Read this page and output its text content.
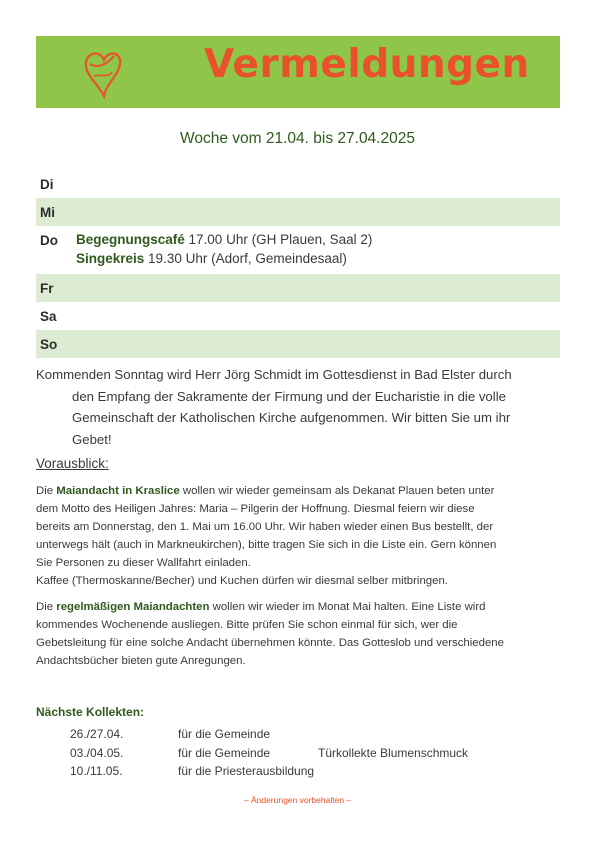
Vermeldungen
Woche vom 21.04. bis 27.04.2025
Di
Mi
Do Begegnungscafé 17.00 Uhr (GH Plauen, Saal 2)
Singekreis 19.30 Uhr (Adorf, Gemeindesaal)
Fr
Sa
So
Kommenden Sonntag wird Herr Jörg Schmidt im Gottesdienst in Bad Elster durch
den Empfang der Sakramente der Firmung und der Eucharistie in die volle
Gemeinschaft der Katholischen Kirche aufgenommen. Wir bitten Sie um ihr
Gebet!
Vorausblick:
Die Maiandacht in Kraslice wollen wir wieder gemeinsam als Dekanat Plauen beten unter
dem Motto des Heiligen Jahres: Maria – Pilgerin der Hoffnung. Diesmal feiern wir diese
bereits am Donnerstag, den 1. Mai um 16.00 Uhr. Wir haben wieder einen Bus bestellt, der
unterwegs hält (auch in Markneukirchen), bitte tragen Sie sich in die Liste ein. Gern können
Sie Personen zu dieser Wallfahrt einladen.
Kaffee (Thermoskanne/Becher) und Kuchen dürfen wir diesmal selber mitbringen.
Die regelmäßigen Maiandachten wollen wir wieder im Monat Mai halten. Eine Liste wird
kommendes Wochenende ausliegen. Bitte prüfen Sie schon einmal für sich, wer die
Gebetsleitung für eine solche Andacht übernehmen könnte. Das Gotteslob und verschiedene
Andachtsbücher bieten gute Anregungen.
Nächste Kollekten:
26./27.04.	für die Gemeinde
03./04.05.	für die Gemeinde	Türkollekte Blumenschmuck
10./11.05.	für die Priesterausbildung
– Änderungen vorbehalten –
